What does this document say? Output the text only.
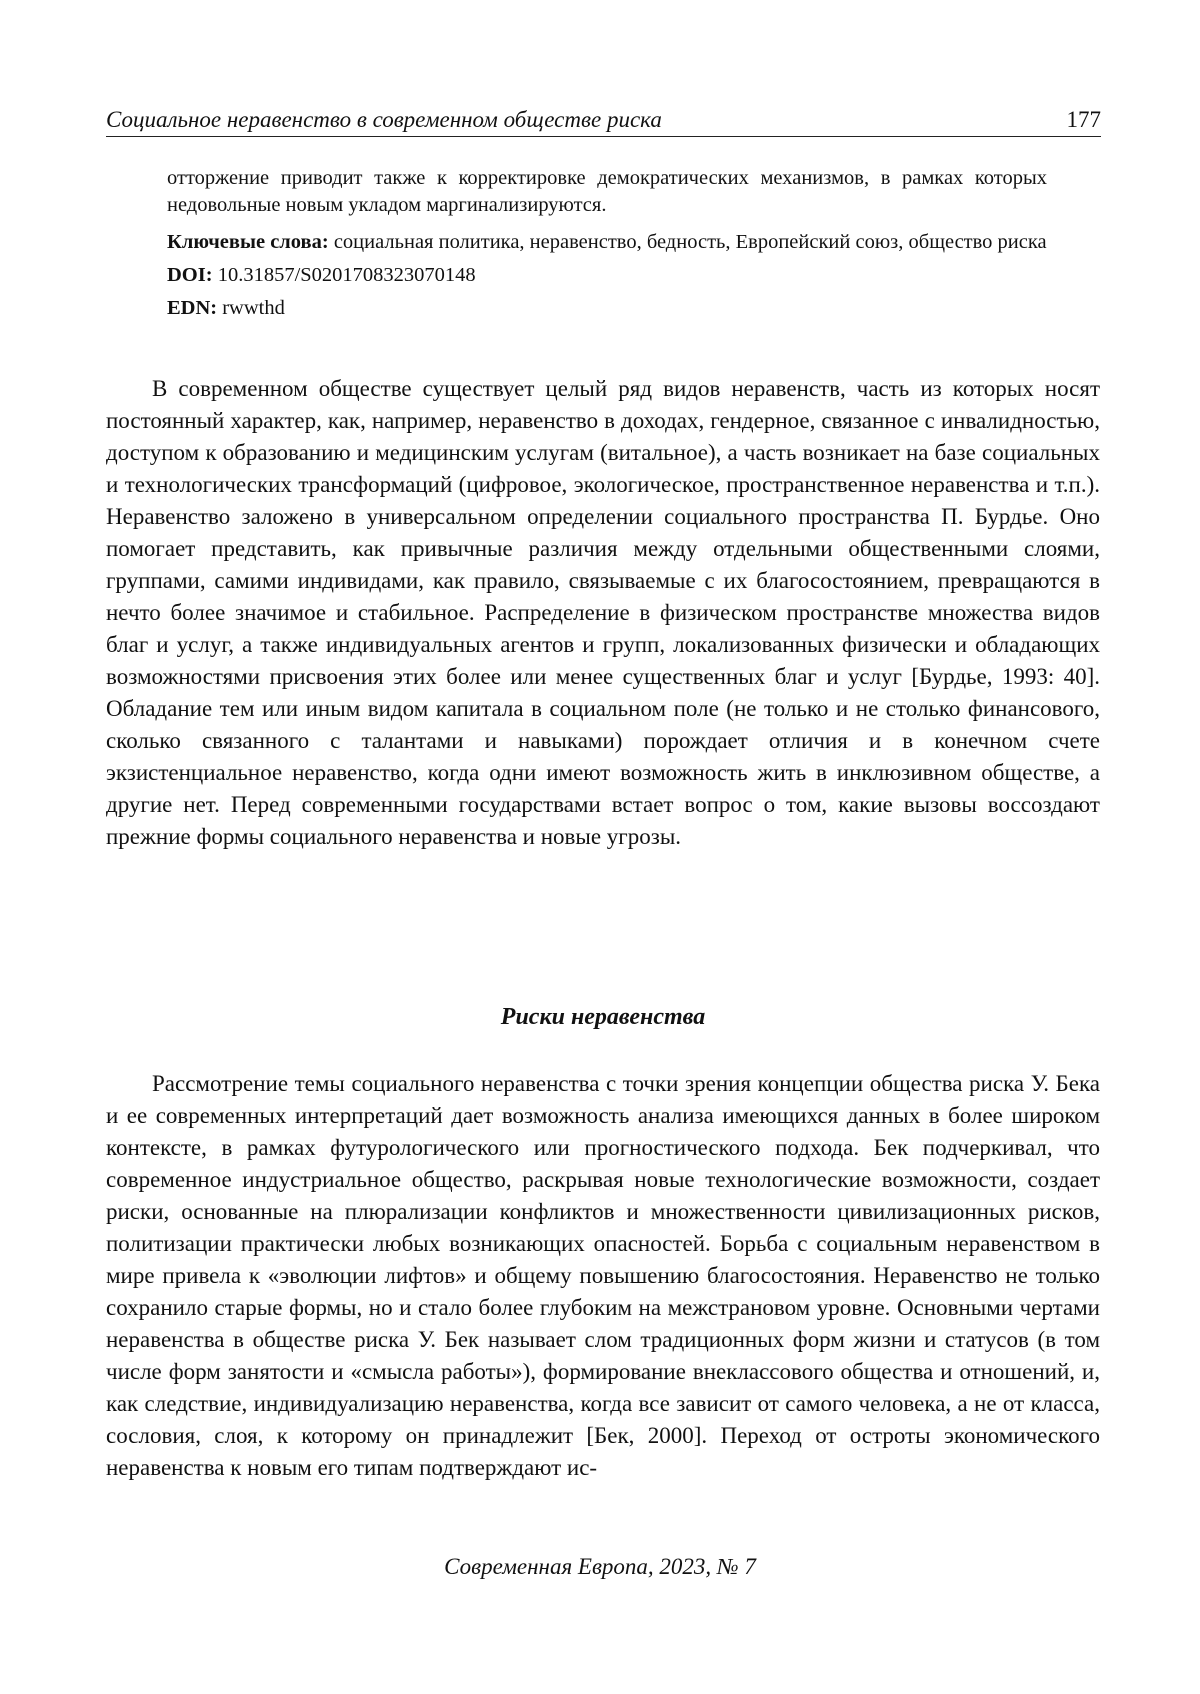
Социальное неравенство в современном обществе риска	177

отторжение приводит также к корректировке демократических механизмов, в рамках которых недовольные новым укладом маргинализируются.

Ключевые слова: социальная политика, неравенство, бедность, Европейский союз, общество риска

DOI: 10.31857/S0201708323070148

EDN: rwwthd

В современном обществе существует целый ряд видов неравенств, часть из которых носят постоянный характер, как, например, неравенство в доходах, гендерное, связанное с инвалидностью, доступом к образованию и медицинским услугам (витальное), а часть возникает на базе социальных и технологических трансформаций (цифровое, экологическое, пространственное неравенства и т.п.). Неравенство заложено в универсальном определении социального пространства П. Бурдье. Оно помогает представить, как привычные различия между отдельными общественными слоями, группами, самими индивидами, как правило, связываемые с их благосостоянием, превращаются в нечто более значимое и стабильное. Распределение в физическом пространстве множества видов благ и услуг, а также индивидуальных агентов и групп, локализованных физически и обладающих возможностями присвоения этих более или менее существенных благ и услуг [Бурдье, 1993: 40]. Обладание тем или иным видом капитала в социальном поле (не только и не столько финансового, сколько связанного с талантами и навыками) порождает отличия и в конечном счете экзистенциальное неравенство, когда одни имеют возможность жить в инклюзивном обществе, а другие нет. Перед современными государствами встает вопрос о том, какие вызовы воссоздают прежние формы социального неравенства и новые угрозы.

Риски неравенства

Рассмотрение темы социального неравенства с точки зрения концепции общества риска У. Бека и ее современных интерпретаций дает возможность анализа имеющихся данных в более широком контексте, в рамках футурологического или прогностического подхода. Бек подчеркивал, что современное индустриальное общество, раскрывая новые технологические возможности, создает риски, основанные на плюрализации конфликтов и множественности цивилизационных рисков, политизации практически любых возникающих опасностей. Борьба с социальным неравенством в мире привела к «эволюции лифтов» и общему повышению благосостояния. Неравенство не только сохранило старые формы, но и стало более глубоким на межстрановом уровне. Основными чертами неравенства в обществе риска У. Бек называет слом традиционных форм жизни и статусов (в том числе форм занятости и «смысла работы»), формирование внеклассового общества и отношений, и, как следствие, индивидуализацию неравенства, когда все зависит от самого человека, а не от класса, сословия, слоя, к которому он принадлежит [Бек, 2000]. Переход от остроты экономического неравенства к новым его типам подтверждают ис-

Современная Европа, 2023, № 7
